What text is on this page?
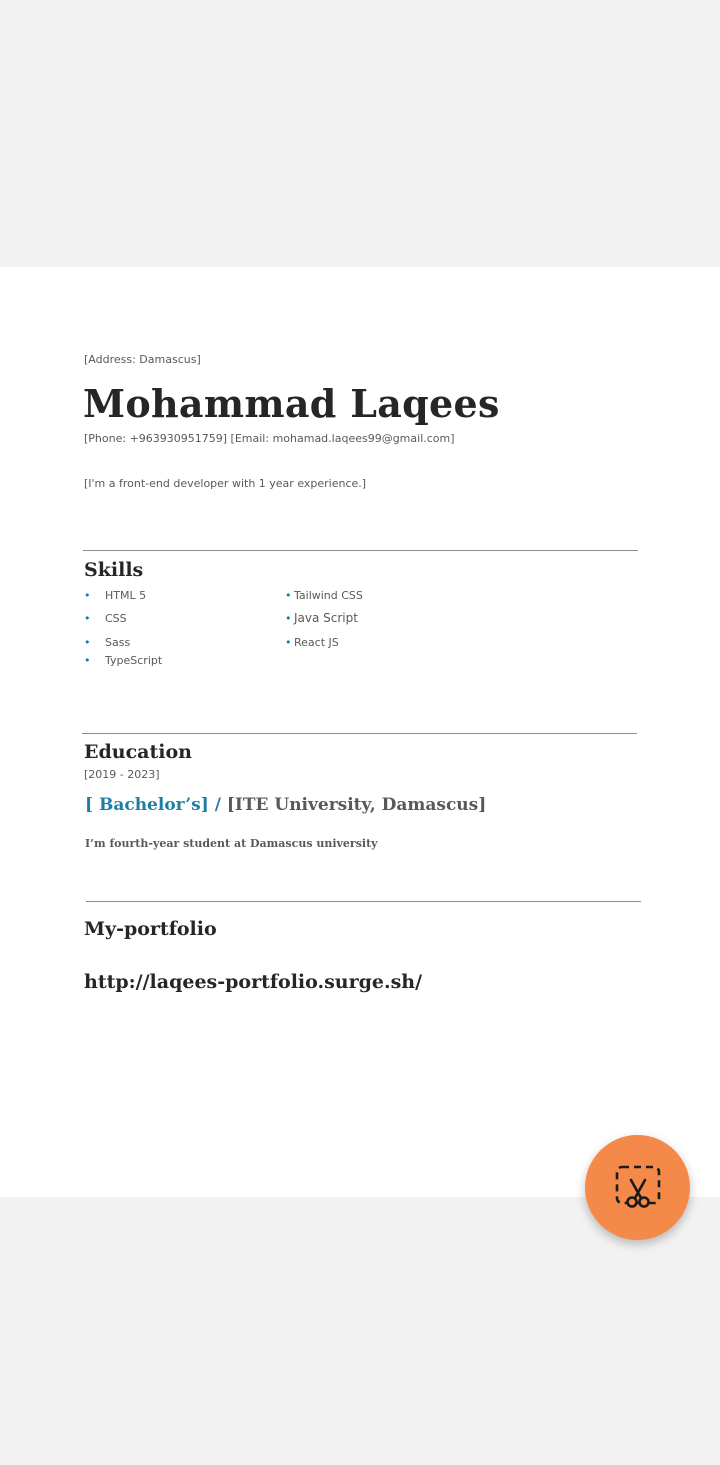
[Address: Damascus]
Mohammad Laqees
[Phone: +963930951759] [Email: mohamad.laqees99@gmail.com]
[I'm a front-end developer with 1 year experience.]
Skills
• HTML 5
• CSS
• Sass
• TypeScript
• Tailwind CSS
• Java Script
• React JS
Education
[2019 - 2023]
[ Bachelor’s] / [ITE University, Damascus]
I’m fourth-year student at Damascus university
My-portfolio
http://laqees-portfolio.surge.sh/
